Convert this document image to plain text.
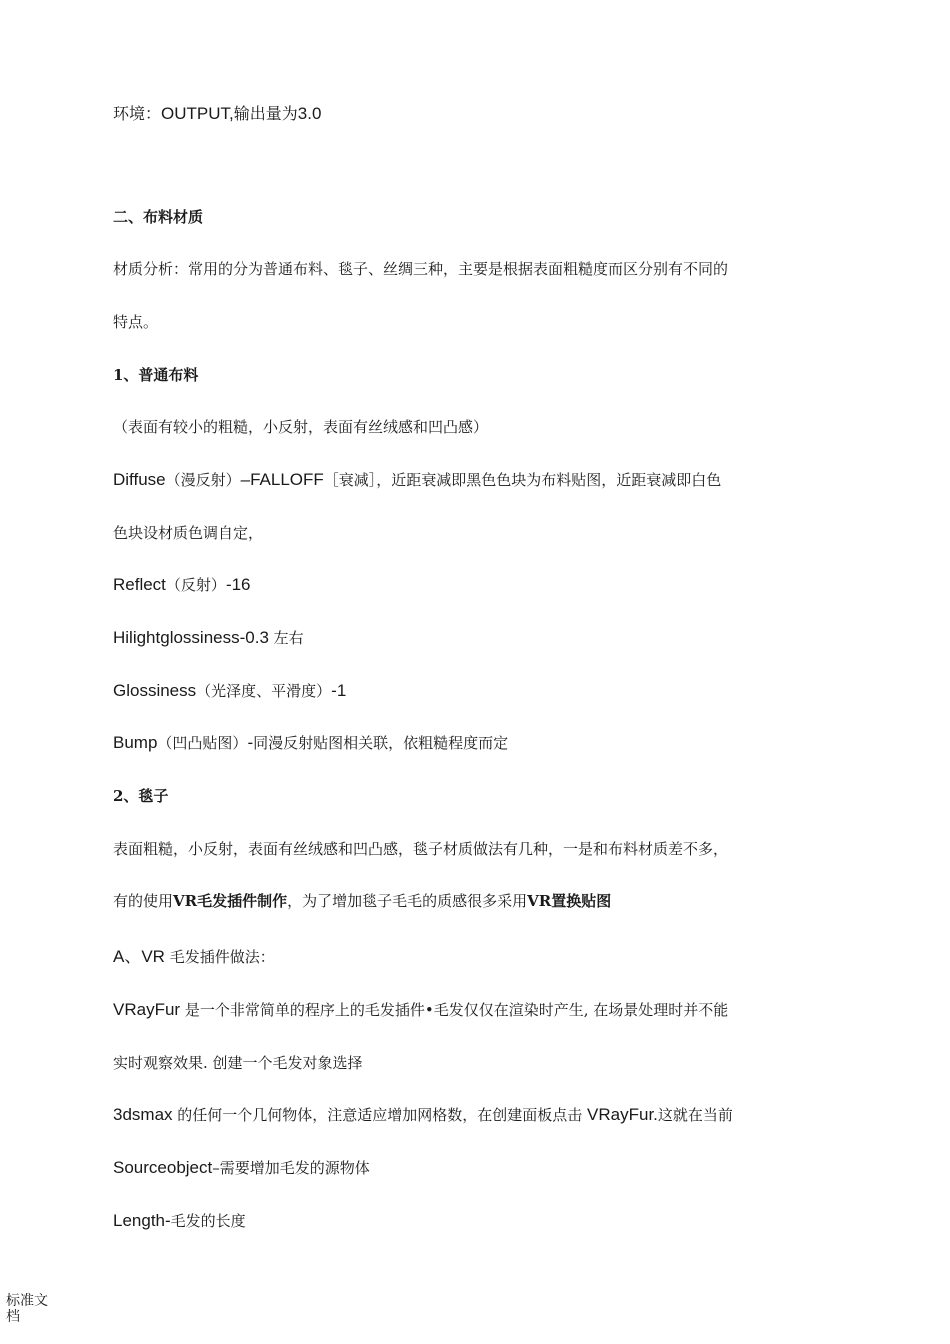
环境：OUTPUT,输出量为3.0
二、布料材质
材质分析：常用的分为普通布料、毯子、丝绸三种，主要是根据表面粗糙度而区分别有不同的
特点。
1、普通布料
（表面有较小的粗糙，小反射，表面有丝绒感和凹凸感）
Diffuse（漫反射）–FALLOFF［衰减］，近距衰减即黑色色块为布料贴图，近距衰减即白色
色块设材质色调自定，
Reflect（反射）-16
Hilightglossiness-0.3 左右
Glossiness（光泽度、平滑度）-1
Bump（凹凸贴图）-同漫反射贴图相关联，依粗糙程度而定
2、毯子
表面粗糙，小反射，表面有丝绒感和凹凸感，毯子材质做法有几种，一是和布料材质差不多，
有的使用VR毛发插件制作，为了增加毯子毛毛的质感很多采用VR置换贴图
A、VR 毛发插件做法：
VRayFur 是一个非常简单的程序上的毛发插件•毛发仅仅在渲染时产生, 在场景处理时并不能
实时观察效果. 创建一个毛发对象选择
3dsmax 的任何一个几何物体，注意适应增加网格数，在创建面板点击 VRayFur.这就在当前
Sourceobject–需要增加毛发的源物体
Length-毛发的长度
标准文档
